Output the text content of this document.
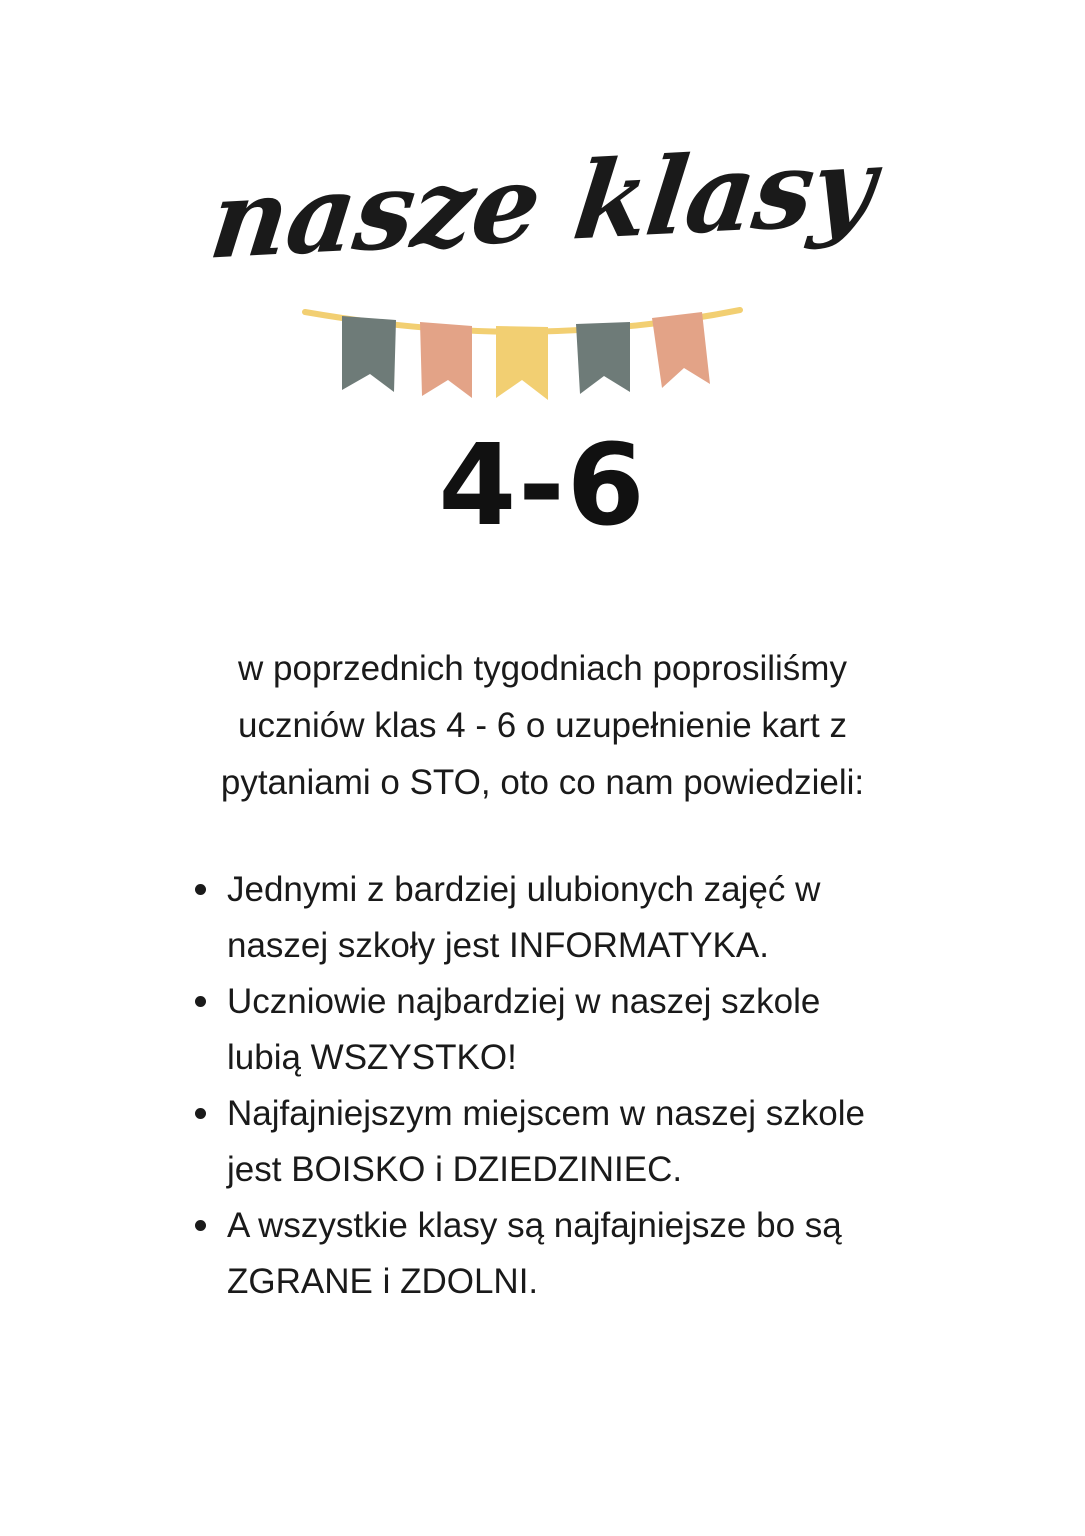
nasze klasy
4-6
w poprzednich tygodniach poprosiliśmy
uczniów klas 4 - 6 o uzupełnienie kart z
pytaniami o STO, oto co nam powiedzieli:
Jednymi z bardziej ulubionych zajęć w
naszej szkoły jest INFORMATYKA.
Uczniowie najbardziej w naszej szkole
lubią WSZYSTKO!
Najfajniejszym miejscem w naszej szkole
jest BOISKO i DZIEDZINIEC.
A wszystkie klasy są najfajniejsze bo są
ZGRANE i ZDOLNI.
